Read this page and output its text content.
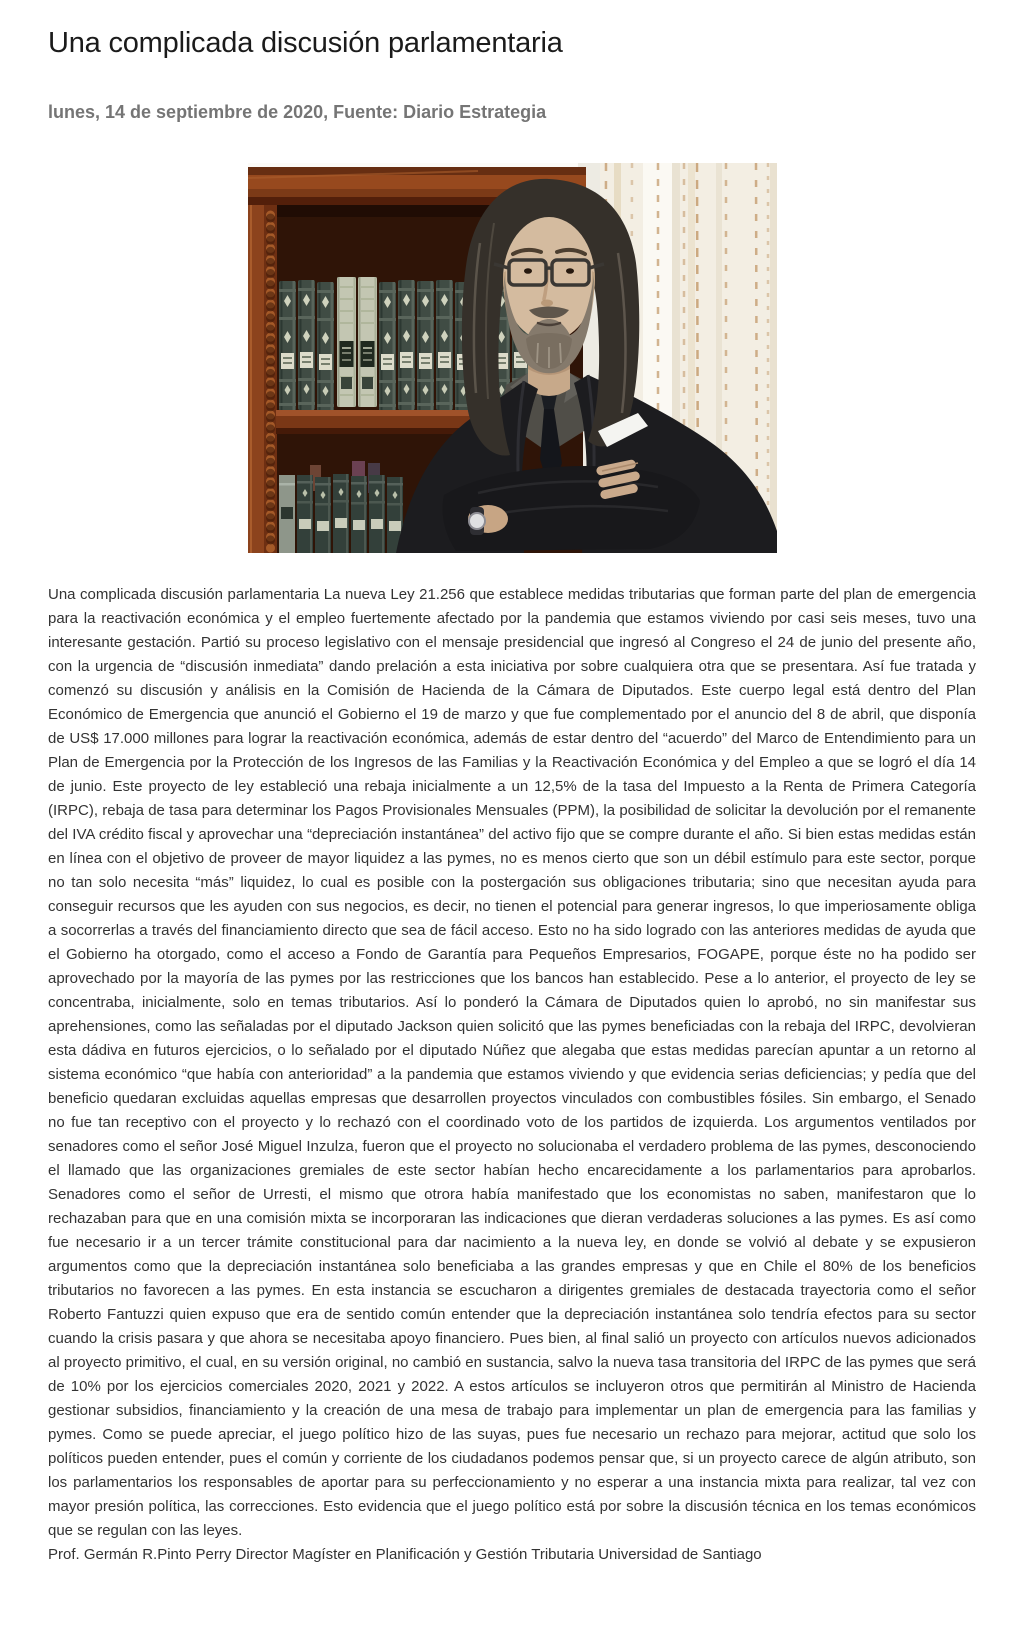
Una complicada discusión parlamentaria
lunes, 14 de septiembre de 2020, Fuente: Diario Estrategia

Una complicada discusión parlamentaria La nueva Ley 21.256 que establece medidas tributarias que forman parte del plan de emergencia para la reactivación económica y el empleo fuertemente afectado por la pandemia que estamos viviendo por casi seis meses, tuvo una interesante gestación. Partió su proceso legislativo con el mensaje presidencial que ingresó al Congreso el 24 de junio del presente año, con la urgencia de “discusión inmediata” dando prelación a esta iniciativa por sobre cualquiera otra que se presentara. Así fue tratada y comenzó su discusión y análisis en la Comisión de Hacienda de la Cámara de Diputados. Este cuerpo legal está dentro del Plan Económico de Emergencia que anunció el Gobierno el 19 de marzo y que fue complementado por el anuncio del 8 de abril, que disponía de US$ 17.000 millones para lograr la reactivación económica, además de estar dentro del “acuerdo” del Marco de Entendimiento para un Plan de Emergencia por la Protección de los Ingresos de las Familias y la Reactivación Económica y del Empleo a que se logró el día 14 de junio. Este proyecto de ley estableció una rebaja inicialmente a un 12,5% de la tasa del Impuesto a la Renta de Primera Categoría (IRPC), rebaja de tasa para determinar los Pagos Provisionales Mensuales (PPM), la posibilidad de solicitar la devolución por el remanente del IVA crédito fiscal y aprovechar una “depreciación instantánea” del activo fijo que se compre durante el año. Si bien estas medidas están en línea con el objetivo de proveer de mayor liquidez a las pymes, no es menos cierto que son un débil estímulo para este sector, porque no tan solo necesita “más” liquidez, lo cual es posible con la postergación sus obligaciones tributaria; sino que necesitan ayuda para conseguir recursos que les ayuden con sus negocios, es decir, no tienen el potencial para generar ingresos, lo que imperiosamente obliga a socorrerlas a través del financiamiento directo que sea de fácil acceso. Esto no ha sido logrado con las anteriores medidas de ayuda que el Gobierno ha otorgado, como el acceso a Fondo de Garantía para Pequeños Empresarios, FOGAPE, porque éste no ha podido ser aprovechado por la mayoría de las pymes por las restricciones que los bancos han establecido. Pese a lo anterior, el proyecto de ley se concentraba, inicialmente, solo en temas tributarios. Así lo ponderó la Cámara de Diputados quien lo aprobó, no sin manifestar sus aprehensiones, como las señaladas por el diputado Jackson quien solicitó que las pymes beneficiadas con la rebaja del IRPC, devolvieran esta dádiva en futuros ejercicios, o lo señalado por el diputado Núñez que alegaba que estas medidas parecían apuntar a un retorno al sistema económico “que había con anterioridad” a la pandemia que estamos viviendo y que evidencia serias deficiencias; y pedía que del beneficio quedaran excluidas aquellas empresas que desarrollen proyectos vinculados con combustibles fósiles. Sin embargo, el Senado no fue tan receptivo con el proyecto y lo rechazó con el coordinado voto de los partidos de izquierda. Los argumentos ventilados por senadores como el señor José Miguel Inzulza, fueron que el proyecto no solucionaba el verdadero problema de las pymes, desconociendo el llamado que las organizaciones gremiales de este sector habían hecho encarecidamente a los parlamentarios para aprobarlos. Senadores como el señor de Urresti, el mismo que otrora había manifestado que los economistas no saben, manifestaron que lo rechazaban para que en una comisión mixta se incorporaran las indicaciones que dieran verdaderas soluciones a las pymes. Es así como fue necesario ir a un tercer trámite constitucional para dar nacimiento a la nueva ley, en donde se volvió al debate y se expusieron argumentos como que la depreciación instantánea solo beneficiaba a las grandes empresas y que en Chile el 80% de los beneficios tributarios no favorecen a las pymes. En esta instancia se escucharon a dirigentes gremiales de destacada trayectoria como el señor Roberto Fantuzzi quien expuso que era de sentido común entender que la depreciación instantánea solo tendría efectos para su sector cuando la crisis pasara y que ahora se necesitaba apoyo financiero. Pues bien, al final salió un proyecto con artículos nuevos adicionados al proyecto primitivo, el cual, en su versión original, no cambió en sustancia, salvo la nueva tasa transitoria del IRPC de las pymes que será de 10% por los ejercicios comerciales 2020, 2021 y 2022. A estos artículos se incluyeron otros que permitirán al Ministro de Hacienda gestionar subsidios, financiamiento y la creación de una mesa de trabajo para implementar un plan de emergencia para las familias y pymes. Como se puede apreciar, el juego político hizo de las suyas, pues fue necesario un rechazo para mejorar, actitud que solo los políticos pueden entender, pues el común y corriente de los ciudadanos podemos pensar que, si un proyecto carece de algún atributo, son los parlamentarios los responsables de aportar para su perfeccionamiento y no esperar a una instancia mixta para realizar, tal vez con mayor presión política, las correcciones. Esto evidencia que el juego político está por sobre la discusión técnica en los temas económicos que se regulan con las leyes.
Prof. Germán R.Pinto Perry Director Magíster en Planificación y Gestión Tributaria Universidad de Santiago
